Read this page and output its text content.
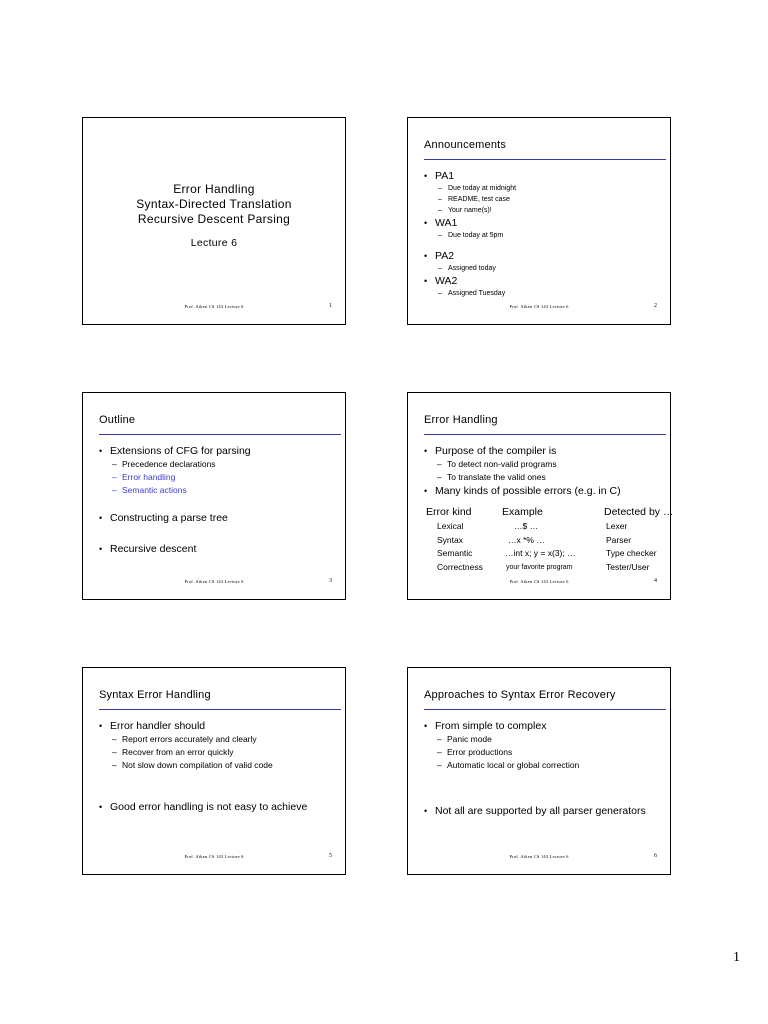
Error Handling
Syntax-Directed Translation
Recursive Descent Parsing
Lecture 6
Prof. Aiken CS 143 Lecture 6	1
Announcements
• PA1
– Due today at midnight
– README, test case
– Your name(s)!
• WA1
– Due today at 5pm
• PA2
– Assigned today
• WA2
– Assigned Tuesday
Prof. Aiken CS 143 Lecture 6	2
Outline
• Extensions of CFG for parsing
– Precedence declarations
– Error handling
– Semantic actions
• Constructing a parse tree
• Recursive descent
Prof. Aiken CS 143 Lecture 6	3
Error Handling
• Purpose of the compiler is
– To detect non-valid programs
– To translate the valid ones
• Many kinds of possible errors (e.g. in C)
Error kind	Example	Detected by …
Lexical	…$ …	Lexer
Syntax	…x *% …	Parser
Semantic	…int x; y = x(3); …	Type checker
Correctness	your favorite program	Tester/User
Prof. Aiken CS 143 Lecture 6	4
Syntax Error Handling
• Error handler should
– Report errors accurately and clearly
– Recover from an error quickly
– Not slow down compilation of valid code
• Good error handling is not easy to achieve
Prof. Aiken CS 143 Lecture 6	5
Approaches to Syntax Error Recovery
• From simple to complex
– Panic mode
– Error productions
– Automatic local or global correction
• Not all are supported by all parser generators
Prof. Aiken CS 143 Lecture 6	6
1
